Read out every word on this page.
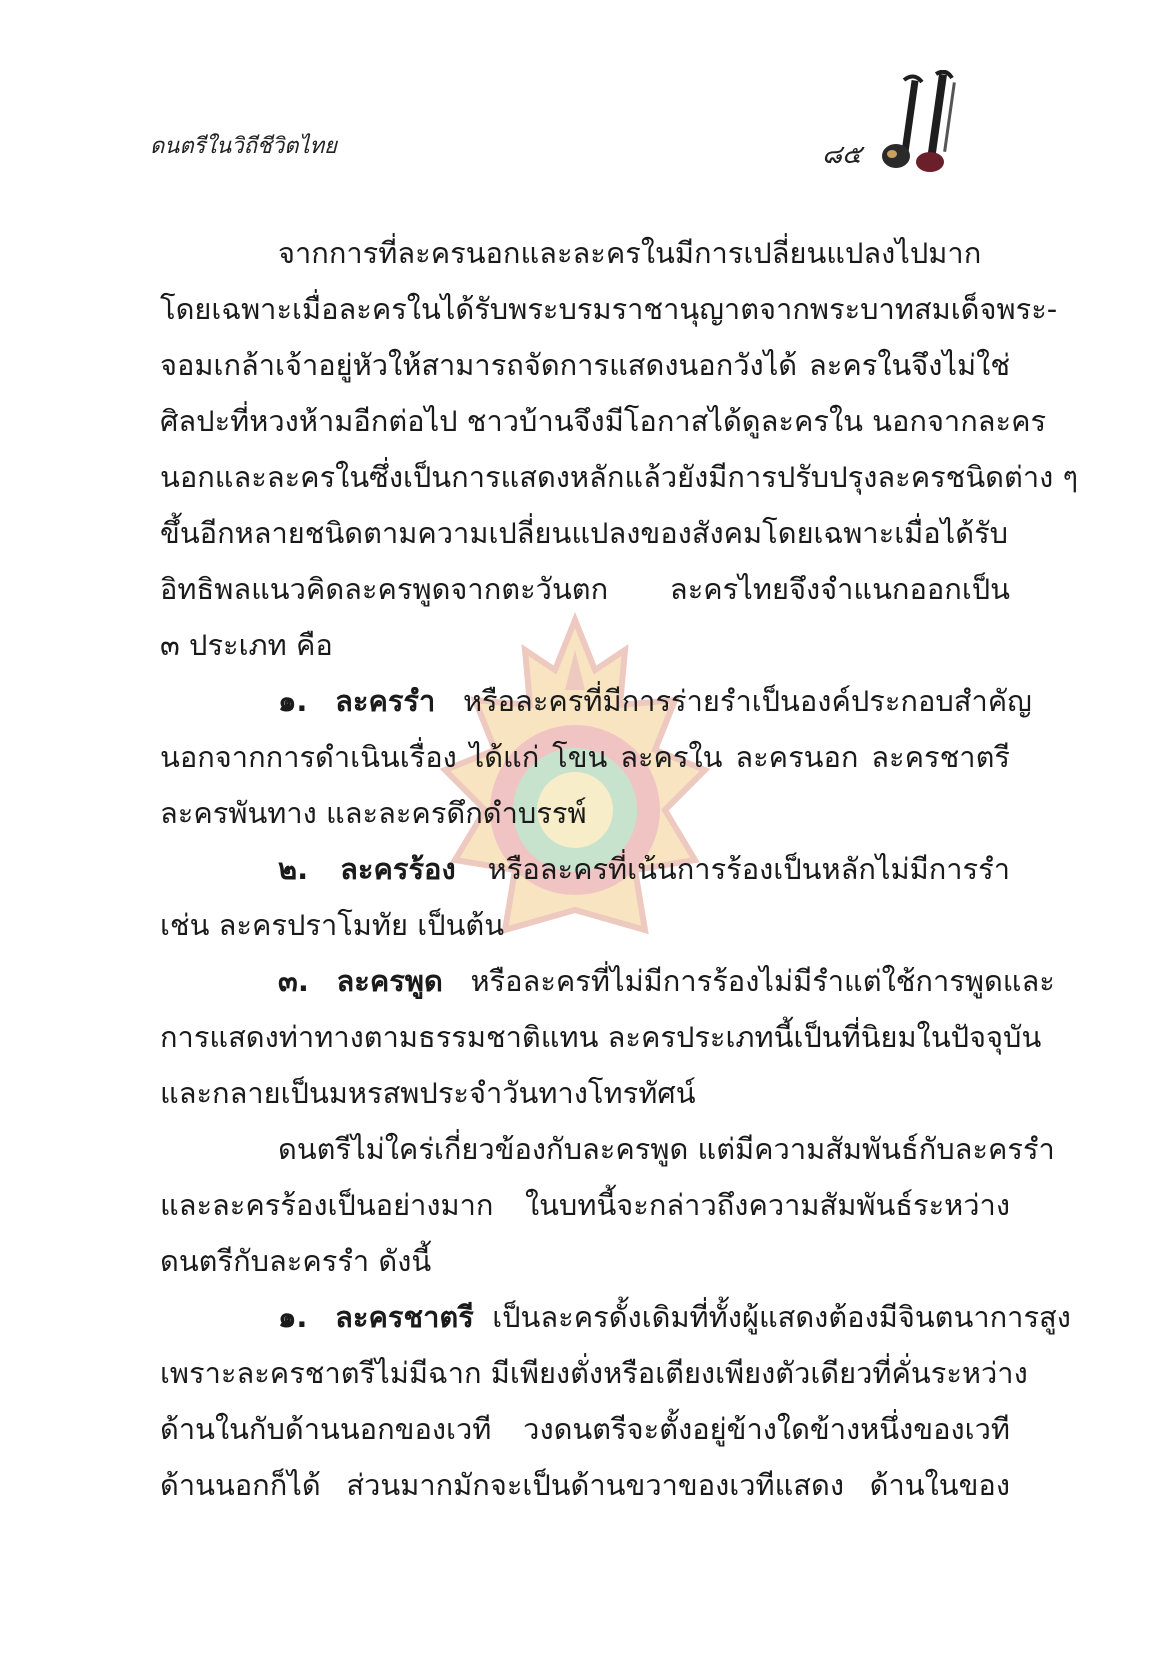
ดนตรีในวิถีชีวิตไทย	๘๕
จากการที่ละครนอกและละครในมีการเปลี่ยนแปลงไปมาก
โดยเฉพาะเมื่อละครในได้รับพระบรมราชานุญาตจากพระบาทสมเด็จพระ-
จอมเกล้าเจ้าอยู่หัวให้สามารถจัดการแสดงนอกวังได้ ละครในจึงไม่ใช่
ศิลปะที่หวงห้ามอีกต่อไป ชาวบ้านจึงมีโอกาสได้ดูละครใน นอกจากละคร
นอกและละครในซึ่งเป็นการแสดงหลักแล้วยังมีการปรับปรุงละครชนิดต่าง ๆ
ขึ้นอีกหลายชนิดตามความเปลี่ยนแปลงของสังคมโดยเฉพาะเมื่อได้รับ
อิทธิพลแนวคิดละครพูดจากตะวันตก ละครไทยจึงจำแนกออกเป็น
๓ ประเภท คือ
๑. ละครรำ หรือละครที่มีการร่ายรำเป็นองค์ประกอบสำคัญ
นอกจากการดำเนินเรื่อง ได้แก่ โขน ละครใน ละครนอก ละครชาตรี
ละครพันทาง และละครดึกดำบรรพ์
๒. ละครร้อง หรือละครที่เน้นการร้องเป็นหลักไม่มีการรำ
เช่น ละครปราโมทัย เป็นต้น
๓. ละครพูด หรือละครที่ไม่มีการร้องไม่มีรำแต่ใช้การพูดและ
การแสดงท่าทางตามธรรมชาติแทน ละครประเภทนี้เป็นที่นิยมในปัจจุบัน
และกลายเป็นมหรสพประจำวันทางโทรทัศน์
ดนตรีไม่ใคร่เกี่ยวข้องกับละครพูด แต่มีความสัมพันธ์กับละครรำ
และละครร้องเป็นอย่างมาก ในบทนี้จะกล่าวถึงความสัมพันธ์ระหว่าง
ดนตรีกับละครรำ ดังนี้
๑. ละครชาตรี เป็นละครดั้งเดิมที่ทั้งผู้แสดงต้องมีจินตนาการสูง
เพราะละครชาตรีไม่มีฉาก มีเพียงตั่งหรือเตียงเพียงตัวเดียวที่คั่นระหว่าง
ด้านในกับด้านนอกของเวที วงดนตรีจะตั้งอยู่ข้างใดข้างหนึ่งของเวที
ด้านนอกก็ได้ ส่วนมากมักจะเป็นด้านขวาของเวทีแสดง ด้านในของ
